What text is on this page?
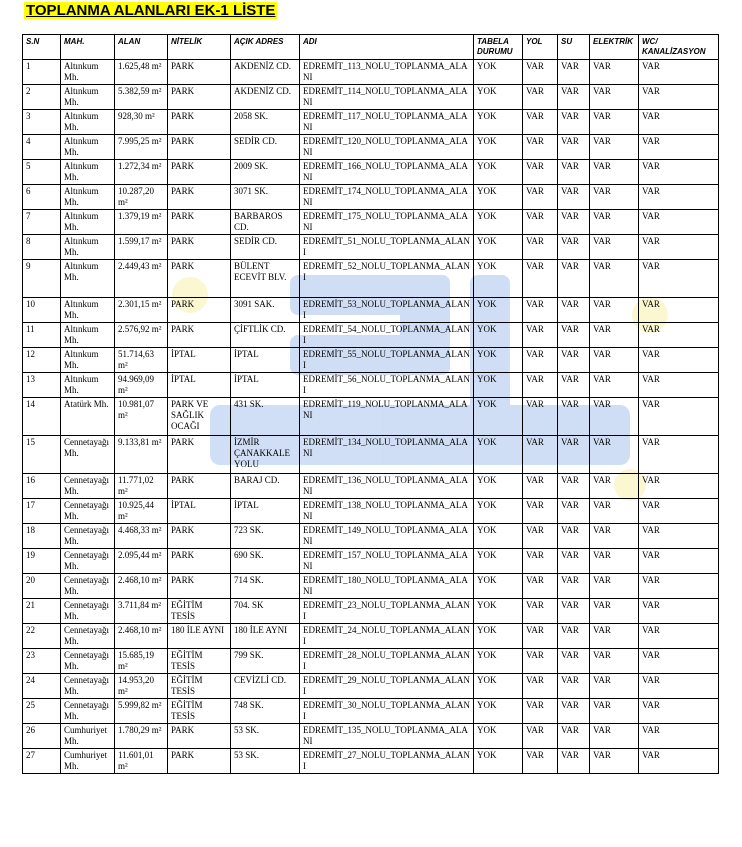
TOPLANMA ALANLARI EK-1 LİSTE
S.N	MAH.	ALAN	NİTELİK	AÇIK ADRES	ADI	TABELA DURUMU	YOL	SU	ELEKTRİK	WC/ KANALİZASYON
1	Altınkum Mh.	1.625,48 m²	PARK	AKDENİZ CD.	EDREMİT_113_NOLU_TOPLANMA_ALANI	YOK	VAR	VAR	VAR	VAR
2	Altınkum Mh.	5.382,59 m²	PARK	AKDENİZ CD.	EDREMİT_114_NOLU_TOPLANMA_ALANI	YOK	VAR	VAR	VAR	VAR
3	Altınkum Mh.	928,30 m²	PARK	2058 SK.	EDREMİT_117_NOLU_TOPLANMA_ALANI	YOK	VAR	VAR	VAR	VAR
4	Altınkum Mh.	7.995,25 m²	PARK	SEDİR CD.	EDREMİT_120_NOLU_TOPLANMA_ALANI	YOK	VAR	VAR	VAR	VAR
5	Altınkum Mh.	1.272,34 m²	PARK	2009 SK.	EDREMİT_166_NOLU_TOPLANMA_ALANI	YOK	VAR	VAR	VAR	VAR
6	Altınkum Mh.	10.287,20 m²	PARK	3071 SK.	EDREMİT_174_NOLU_TOPLANMA_ALANI	YOK	VAR	VAR	VAR	VAR
7	Altınkum Mh.	1.379,19 m²	PARK	BARBAROS CD.	EDREMİT_175_NOLU_TOPLANMA_ALANI	YOK	VAR	VAR	VAR	VAR
8	Altınkum Mh.	1.599,17 m²	PARK	SEDİR CD.	EDREMİT_51_NOLU_TOPLANMA_ALANI	YOK	VAR	VAR	VAR	VAR
9	Altınkum Mh.	2.449,43 m²	PARK	BÜLENT ECEVİT BLV.	EDREMİT_52_NOLU_TOPLANMA_ALANI	YOK	VAR	VAR	VAR	VAR
10	Altınkum Mh.	2.301,15 m²	PARK	3091 SAK.	EDREMİT_53_NOLU_TOPLANMA_ALANI	YOK	VAR	VAR	VAR	VAR
11	Altınkum Mh.	2.576,92 m²	PARK	ÇİFTLİK CD.	EDREMİT_54_NOLU_TOPLANMA_ALANI	YOK	VAR	VAR	VAR	VAR
12	Altınkum Mh.	51.714,63 m²	İPTAL	İPTAL	EDREMİT_55_NOLU_TOPLANMA_ALANI	YOK	VAR	VAR	VAR	VAR
13	Altınkum Mh.	94.969,09 m²	İPTAL	İPTAL	EDREMİT_56_NOLU_TOPLANMA_ALANI	YOK	VAR	VAR	VAR	VAR
14	Atatürk Mh.	10.981,07 m²	PARK VE SAĞLIK OCAĞI	431 SK.	EDREMİT_119_NOLU_TOPLANMA_ALANI	YOK	VAR	VAR	VAR	VAR
15	Cennetayağı Mh.	9.133,81 m²	PARK	İZMİR ÇANAKKALE YOLU	EDREMİT_134_NOLU_TOPLANMA_ALANI	YOK	VAR	VAR	VAR	VAR
16	Cennetayağı Mh.	11.771,02 m²	PARK	BARAJ CD.	EDREMİT_136_NOLU_TOPLANMA_ALANI	YOK	VAR	VAR	VAR	VAR
17	Cennetayağı Mh.	10.925,44 m²	İPTAL	İPTAL	EDREMİT_138_NOLU_TOPLANMA_ALANI	YOK	VAR	VAR	VAR	VAR
18	Cennetayağı Mh.	4.468,33 m²	PARK	723 SK.	EDREMİT_149_NOLU_TOPLANMA_ALANI	YOK	VAR	VAR	VAR	VAR
19	Cennetayağı Mh.	2.095,44 m²	PARK	690 SK.	EDREMİT_157_NOLU_TOPLANMA_ALANI	YOK	VAR	VAR	VAR	VAR
20	Cennetayağı Mh.	2.468,10 m²	PARK	714 SK.	EDREMİT_180_NOLU_TOPLANMA_ALANI	YOK	VAR	VAR	VAR	VAR
21	Cennetayağı Mh.	3.711,84 m²	EĞİTİM TESİS	704. SK	EDREMİT_23_NOLU_TOPLANMA_ALANI	YOK	VAR	VAR	VAR	VAR
22	Cennetayağı Mh.	2.468,10 m²	180 İLE AYNI	180 İLE AYNI	EDREMİT_24_NOLU_TOPLANMA_ALANI	YOK	VAR	VAR	VAR	VAR
23	Cennetayağı Mh.	15.685,19 m²	EĞİTİM TESİS	799 SK.	EDREMİT_28_NOLU_TOPLANMA_ALANI	YOK	VAR	VAR	VAR	VAR
24	Cennetayağı Mh.	14.953,20 m²	EĞİTİM TESİS	CEVİZLİ CD.	EDREMİT_29_NOLU_TOPLANMA_ALANI	YOK	VAR	VAR	VAR	VAR
25	Cennetayağı Mh.	5.999,82 m²	EĞİTİM TESİS	748 SK.	EDREMİT_30_NOLU_TOPLANMA_ALANI	YOK	VAR	VAR	VAR	VAR
26	Cumhuriyet Mh.	1.780,29 m²	PARK	53 SK.	EDREMİT_135_NOLU_TOPLANMA_ALANI	YOK	VAR	VAR	VAR	VAR
27	Cumhuriyet Mh.	11.601,01 m²	PARK	53 SK.	EDREMİT_27_NOLU_TOPLANMA_ALANI	YOK	VAR	VAR	VAR	VAR
